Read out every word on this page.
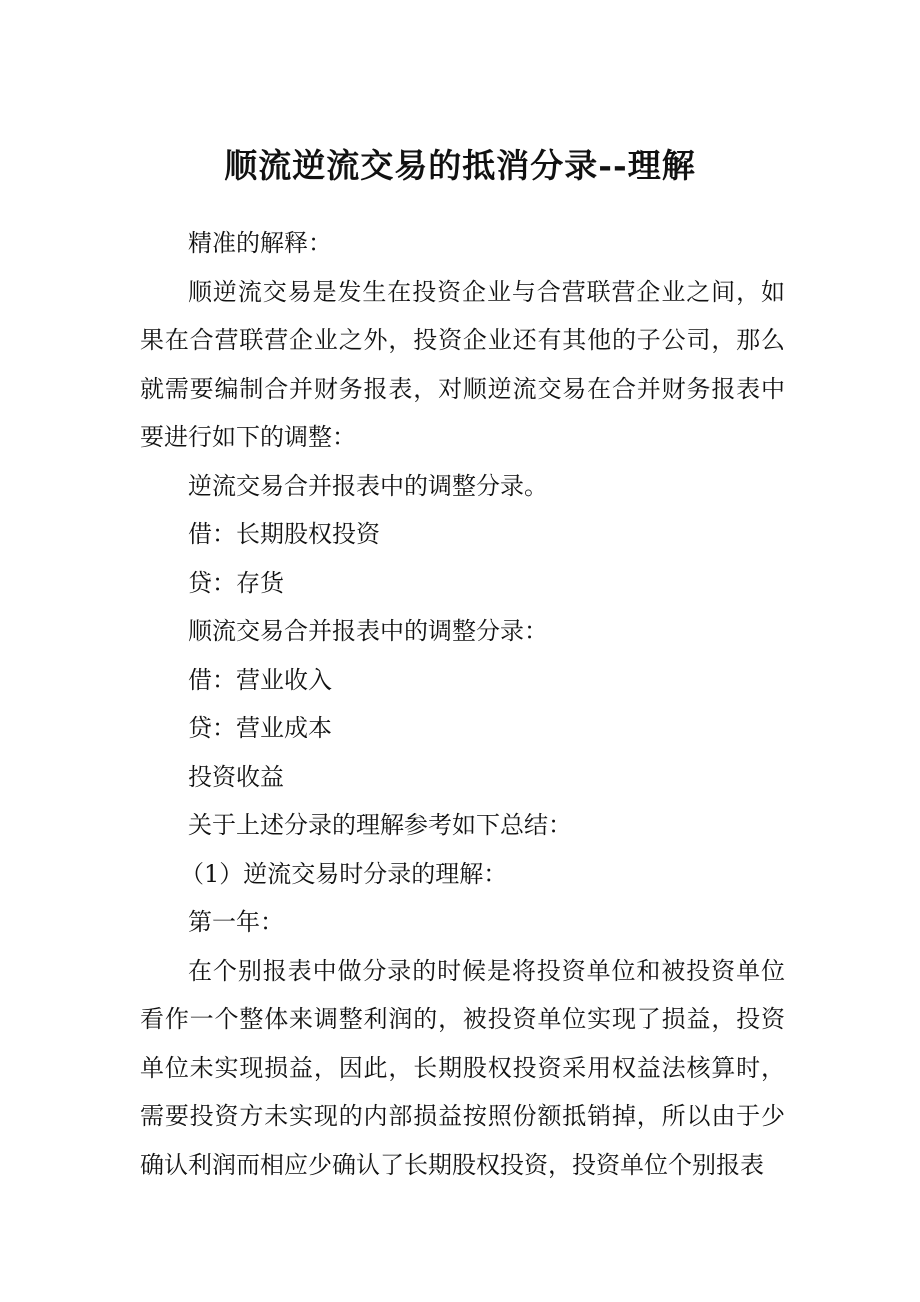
顺流逆流交易的抵消分录--理解

精准的解释：

顺逆流交易是发生在投资企业与合营联营企业之间，如果在合营联营企业之外，投资企业还有其他的子公司，那么就需要编制合并财务报表，对顺逆流交易在合并财务报表中要进行如下的调整：

逆流交易合并报表中的调整分录。

借：长期股权投资

贷：存货

顺流交易合并报表中的调整分录：

借：营业收入

贷：营业成本

投资收益

关于上述分录的理解参考如下总结：

（1）逆流交易时分录的理解：

第一年：

在个别报表中做分录的时候是将投资单位和被投资单位看作一个整体来调整利润的，被投资单位实现了损益，投资单位未实现损益，因此，长期股权投资采用权益法核算时，需要投资方未实现的内部损益按照份额抵销掉，所以由于少确认利润而相应少确认了长期股权投资，投资单位个别报表
